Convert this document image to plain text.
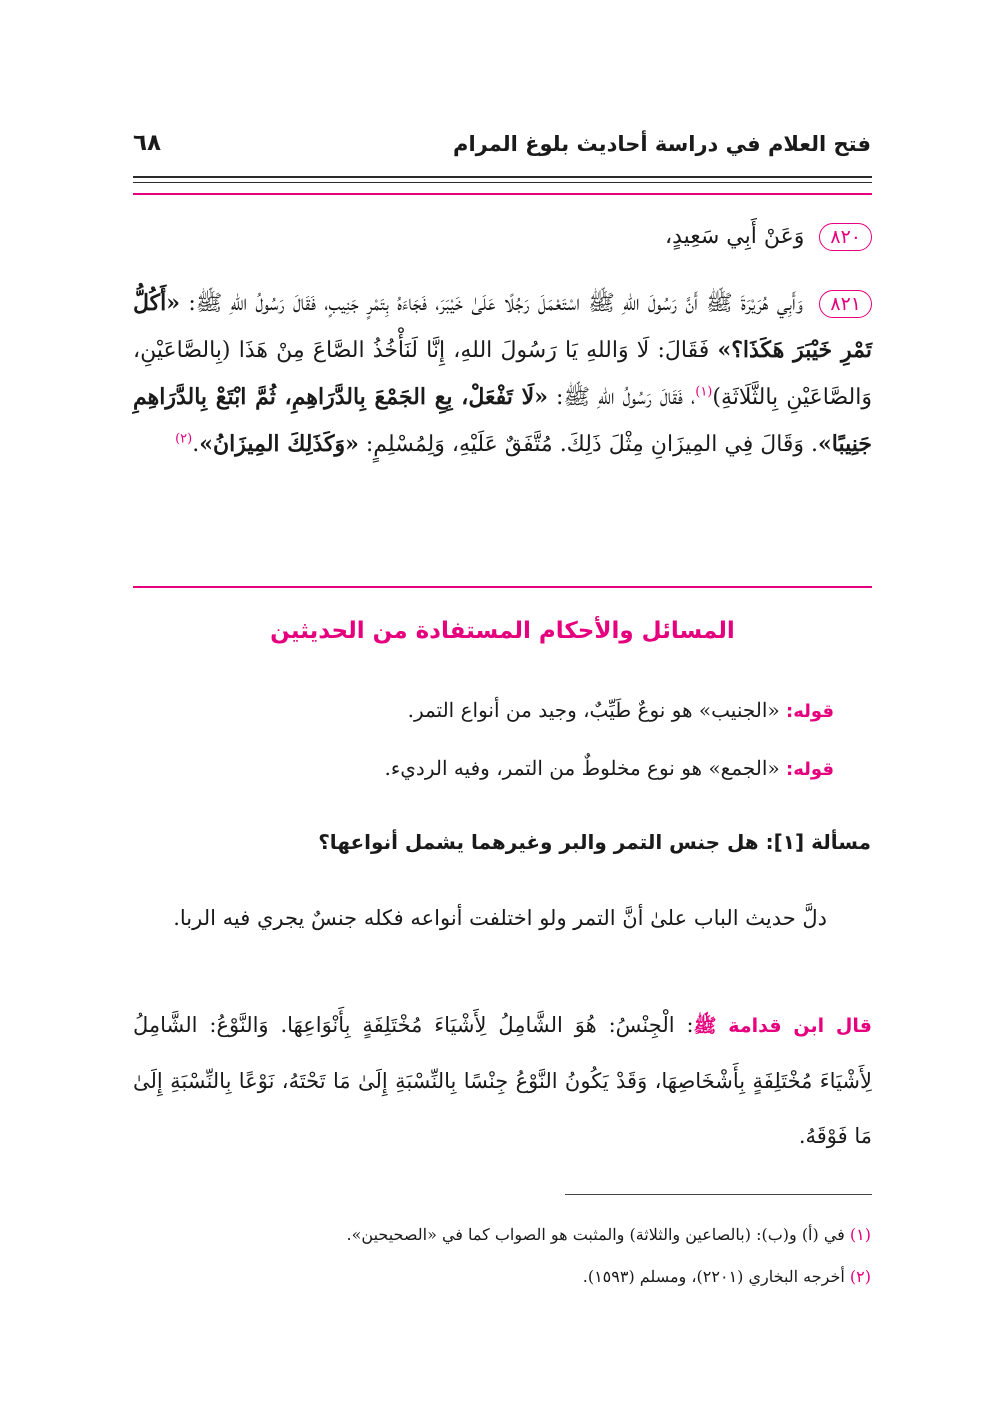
فتح العلام في دراسة أحاديث بلوغ المرام
٦٨
٨٢٠ وَعَنْ أَبِي سَعِيدٍ،
٨٢١ وَأَبِي هُرَيْرَةَ ﷺ أَنَّ رَسُولَ اللهِ ﷺ اسْتَعْمَلَ رَجُلًا عَلَىٰ خَيْبَرَ، فَجَاءَهُ بِتَمْرٍ جَنِيبٍ، فَقَالَ رَسُولُ اللهِ ﷺ: «أَكُلُّ تَمْرِ خَيْبَرَ هَكَذَا؟» فَقَالَ: لَا وَاللهِ يَا رَسُولَ اللهِ، إِنَّا لَنَأْخُذُ الصَّاعَ مِنْ هَذَا (بِالصَّاعَيْنِ، وَالصَّاعَيْنِ بِالثَّلَاثَةِ)$^{(١)}$، فَقَالَ رَسُولُ اللهِ ﷺ: «لَا تَفْعَلْ، بِعِ الجَمْعَ بِالدَّرَاهِمِ، ثُمَّ ابْتَعْ بِالدَّرَاهِمِ جَنِيبًا». وَقَالَ فِي المِيزَانِ مِثْلَ ذَلِكَ. مُتَّفَقٌ عَلَيْهِ، وَلِمُسْلِمٍ: «وَكَذَلِكَ المِيزَانُ».$^{(٢)}$
المسائل والأحكام المستفادة من الحديثين
قوله: «الجنيب» هو نوعٌ طَيِّبٌ، وجيد من أنواع التمر.
قوله: «الجمع» هو نوع مخلوطٌ من التمر، وفيه الرديء.
مسألة [١]: هل جنس التمر والبر وغيرهما يشمل أنواعها؟
دلَّ حديث الباب علىٰ أنَّ التمر ولو اختلفت أنواعه فكله جنسٌ يجري فيه الربا.
قال ابن قدامة ﷺ: الْجِنْسُ: هُوَ الشَّامِلُ لِأَشْيَاءَ مُخْتَلِفَةٍ بِأَنْوَاعِهَا. وَالنَّوْعُ: الشَّامِلُ لِأَشْيَاءَ مُخْتَلِفَةٍ بِأَشْخَاصِهَا، وَقَدْ يَكُونُ النَّوْعُ جِنْسًا بِالنِّسْبَةِ إِلَىٰ مَا تَحْتَهُ، نَوْعًا بِالنِّسْبَةِ إِلَىٰ مَا فَوْقَهُ.
(١) في (أ) و(ب): (بالصاعين والثلاثة) والمثبت هو الصواب كما في «الصحيحين».
(٢) أخرجه البخاري (٢٢٠١)، ومسلم (١٥٩٣).
